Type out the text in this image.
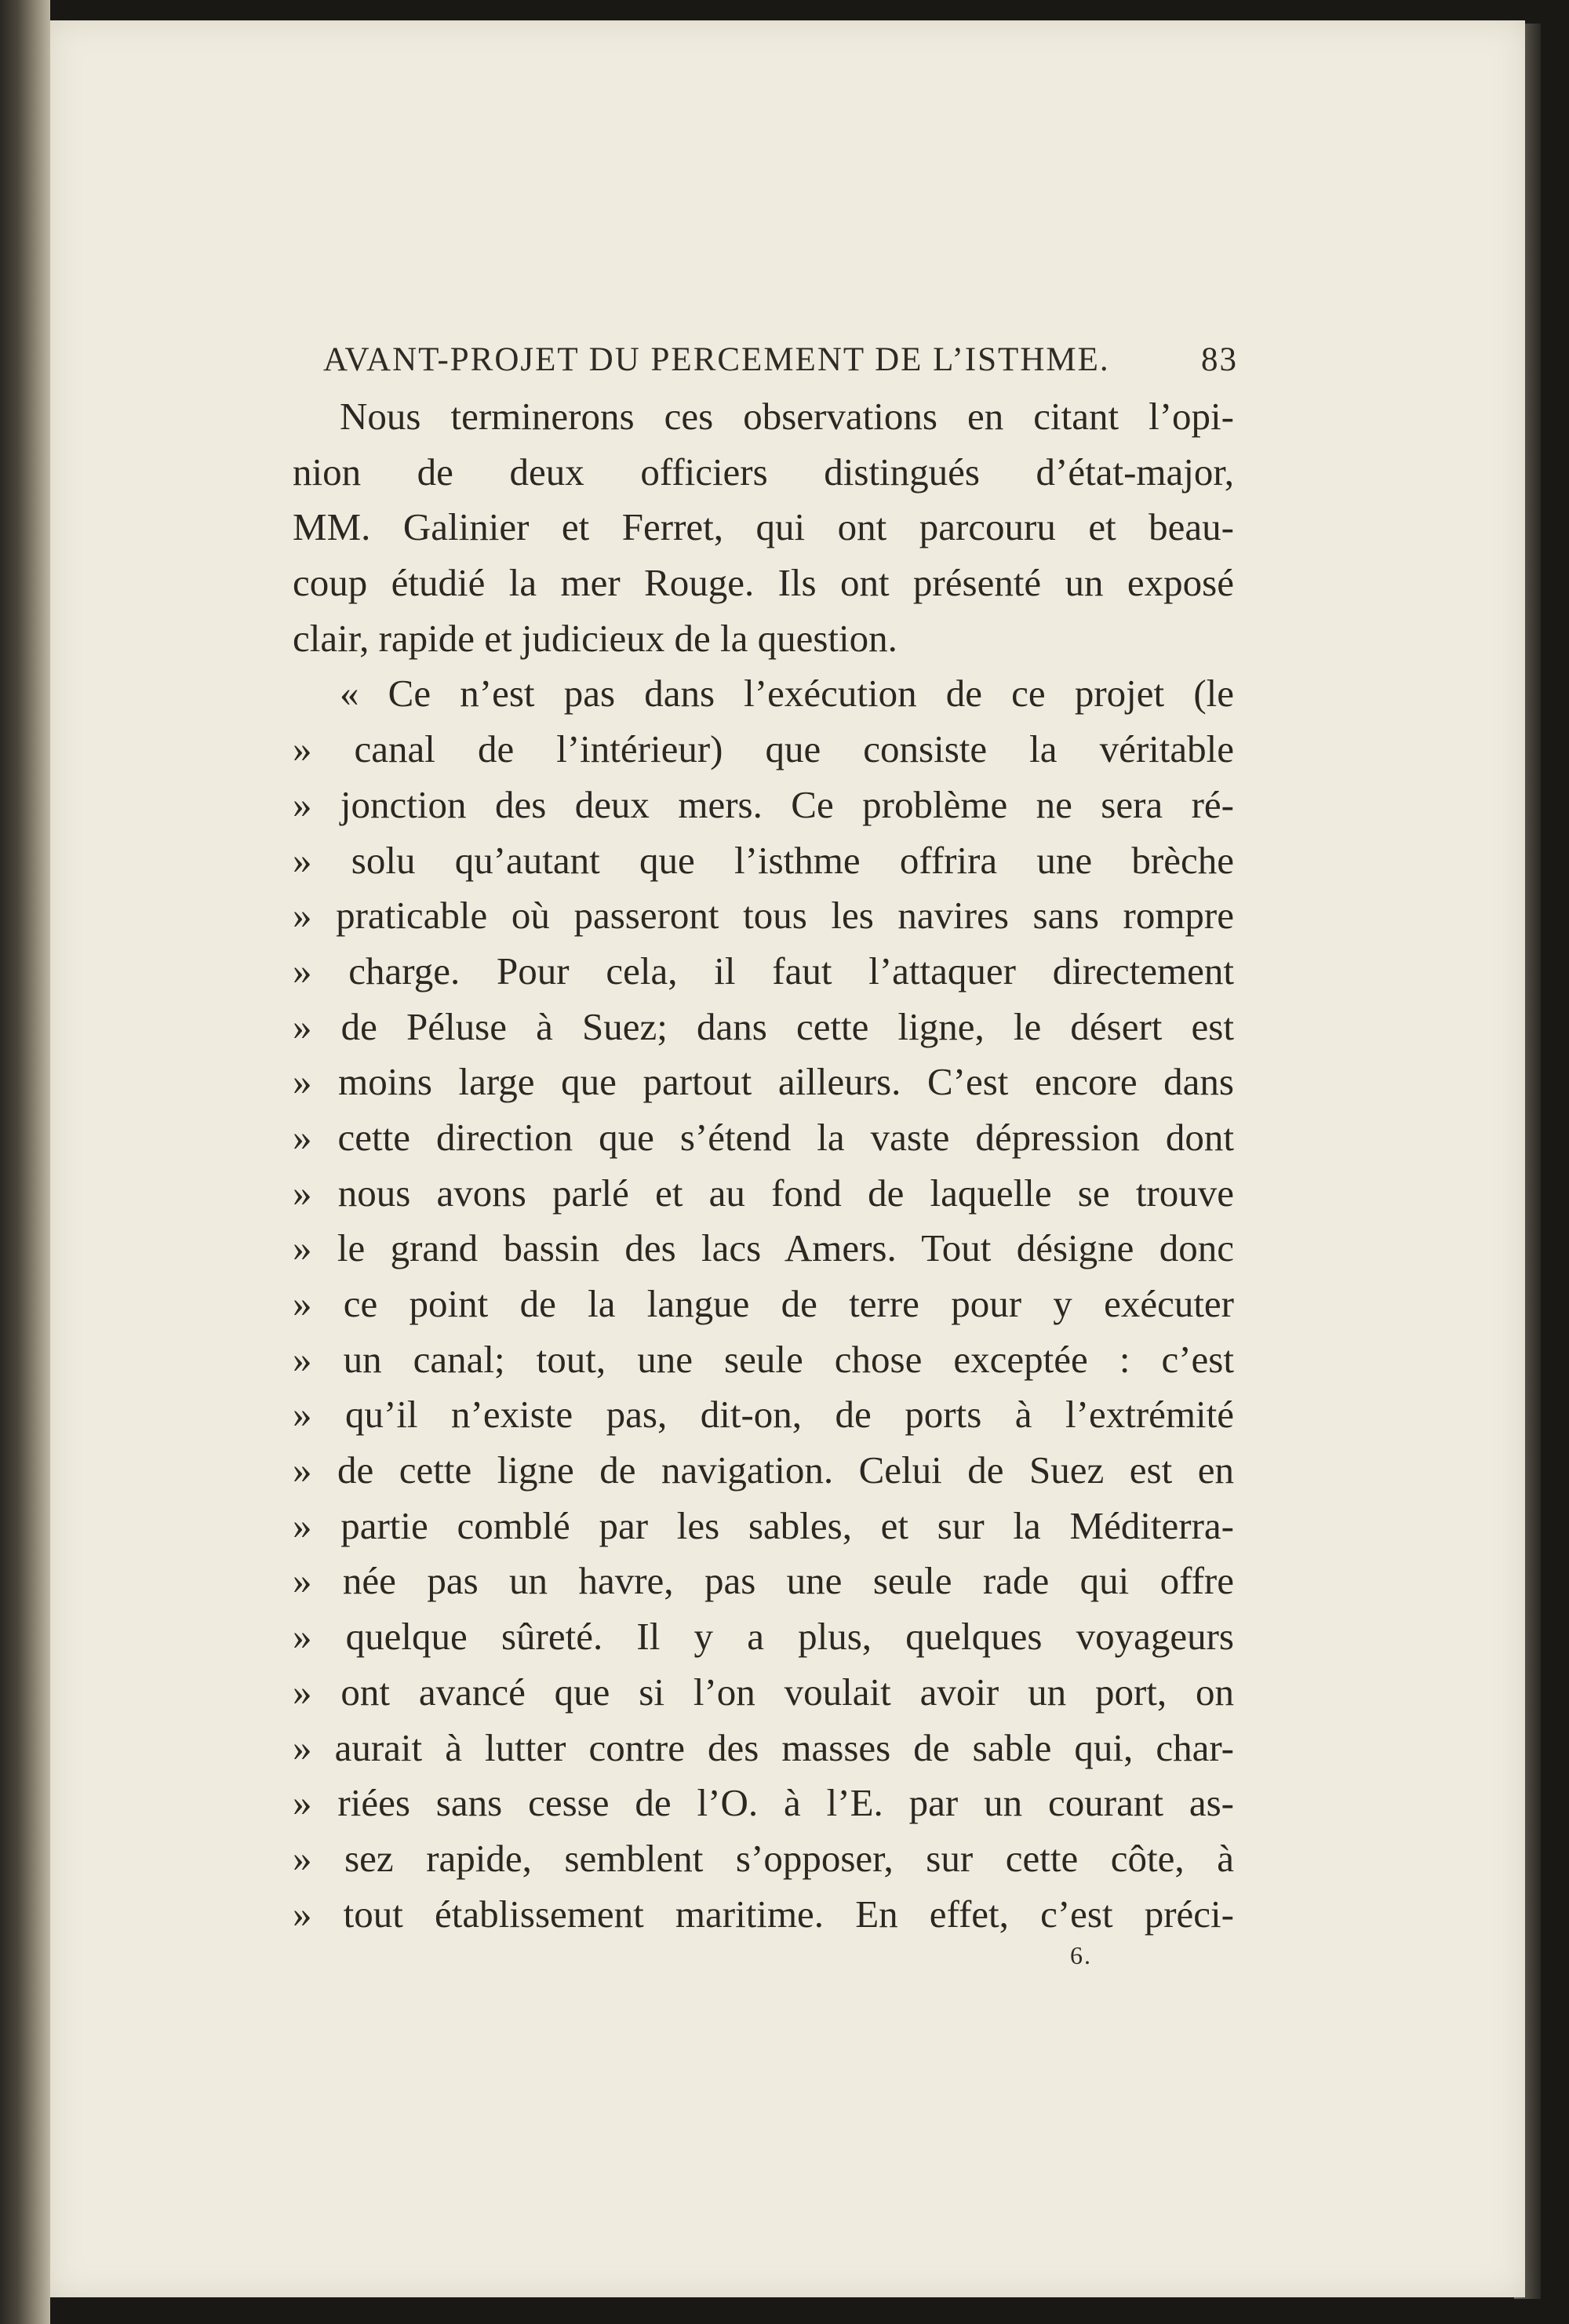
AVANT-PROJET DU PERCEMENT DE L’ISTHME.	83
Nous terminerons ces observations en citant l’opi-
nion de deux officiers distingués d’état-major,
MM. Galinier et Ferret, qui ont parcouru et beau-
coup étudié la mer Rouge. Ils ont présenté un exposé
clair, rapide et judicieux de la question.
« Ce n’est pas dans l’exécution de ce projet (le
» canal de l’intérieur) que consiste la véritable
» jonction des deux mers. Ce problème ne sera ré-
» solu qu’autant que l’isthme offrira une brèche
» praticable où passeront tous les navires sans rompre
» charge. Pour cela, il faut l’attaquer directement
» de Péluse à Suez; dans cette ligne, le désert est
» moins large que partout ailleurs. C’est encore dans
» cette direction que s’étend la vaste dépression dont
» nous avons parlé et au fond de laquelle se trouve
» le grand bassin des lacs Amers. Tout désigne donc
» ce point de la langue de terre pour y exécuter
» un canal; tout, une seule chose exceptée : c’est
» qu’il n’existe pas, dit-on, de ports à l’extrémité
» de cette ligne de navigation. Celui de Suez est en
» partie comblé par les sables, et sur la Méditerra-
» née pas un havre, pas une seule rade qui offre
» quelque sûreté. Il y a plus, quelques voyageurs
» ont avancé que si l’on voulait avoir un port, on
» aurait à lutter contre des masses de sable qui, char-
» riées sans cesse de l’O. à l’E. par un courant as-
» sez rapide, semblent s’opposer, sur cette côte, à
» tout établissement maritime. En effet, c’est préci-
6.
